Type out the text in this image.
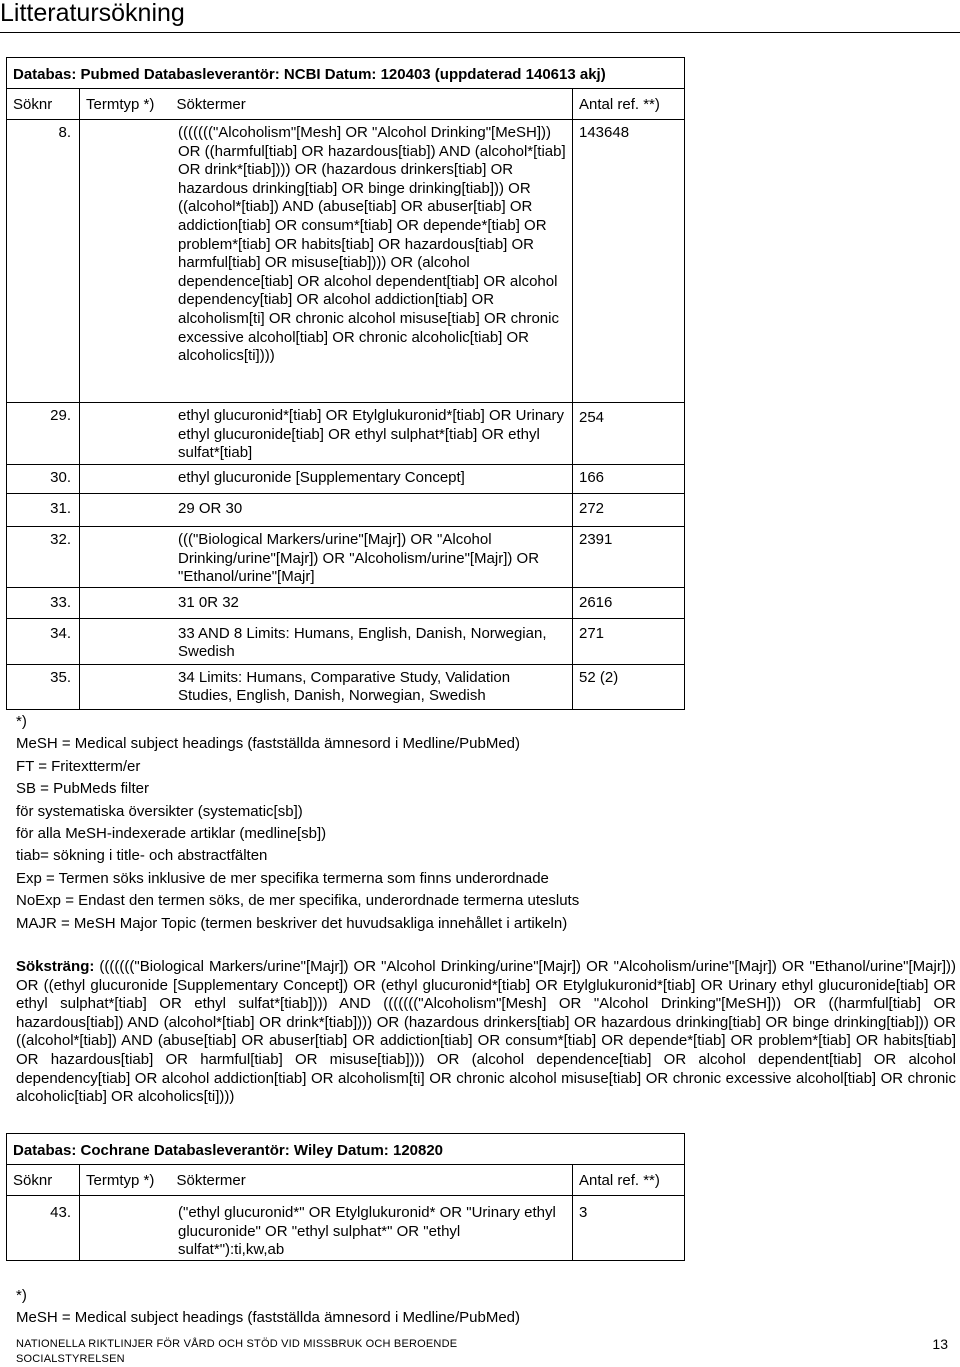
Litteratursökning
Databas: Pubmed Databasleverantör: NCBI Datum: 120403 (uppdaterad 140613 akj)			
Söknr	Termtyp *)	Söktermer	Antal ref. **)
8.	((((((("Alcoholism"[Mesh] OR "Alcohol Drinking"[MeSH])) OR ((harmful[tiab] OR hazardous[tiab]) AND (alcohol*[tiab] OR drink*[tiab]))) OR (hazardous drinkers[tiab] OR hazardous drinking[tiab] OR binge drinking[tiab])) OR ((alcohol*[tiab]) AND (abuse[tiab] OR abuser[tiab] OR addiction[tiab] OR consum*[tiab] OR depende*[tiab] OR problem*[tiab] OR habits[tiab] OR hazardous[tiab] OR harmful[tiab] OR misuse[tiab]))) OR (alcohol dependence[tiab] OR alcohol dependent[tiab] OR alcohol dependency[tiab] OR alcohol addiction[tiab] OR alcoholism[ti] OR chronic alcohol misuse[tiab] OR chronic excessive alcohol[tiab] OR chronic alcoholic[tiab] OR alcoholics[ti])))		143648
29.	ethyl glucuronid*[tiab] OR Etylglukuronid*[tiab] OR Urinary ethyl glucuronide[tiab] OR ethyl sulphat*[tiab] OR ethyl sulfat*[tiab]		254
30.	ethyl glucuronide [Supplementary Concept]		166
31.	29 OR 30		272
32.	((("Biological Markers/urine"[Majr]) OR "Alcohol Drinking/urine"[Majr]) OR "Alcoholism/urine"[Majr]) OR "Ethanol/urine"[Majr]		2391
33.	31 0R 32		2616
34.	33 AND 8 Limits: Humans, English, Danish, Norwegian, Swedish		271
35.	34 Limits: Humans, Comparative Study, Validation Studies, English, Danish, Norwegian, Swedish		52 (2)
*)
MeSH = Medical subject headings (fastställda ämnesord i Medline/PubMed)
FT = Fritextterm/er
SB = PubMeds filter
för systematiska översikter (systematic[sb])
för alla MeSH-indexerade artiklar (medline[sb])
tiab= sökning i title- och abstractfälten
Exp = Termen söks inklusive de mer specifika termerna som finns underordnade
NoExp = Endast den termen söks, de mer specifika, underordnade termerna utesluts
MAJR = MeSH Major Topic (termen beskriver det huvudsakliga innehållet i artikeln)
Söksträng: ((((((("Biological Markers/urine"[Majr]) OR "Alcohol Drinking/urine"[Majr]) OR "Alcoholism/urine"[Majr]) OR "Ethanol/urine"[Majr])) OR ((ethyl glucuronide [Supplementary Concept]) OR (ethyl glucuronid*[tiab] OR Etylglukuronid*[tiab] OR Urinary ethyl glucuronide[tiab] OR ethyl sulphat*[tiab] OR ethyl sulfat*[tiab]))) AND ((((((("Alcoholism"[Mesh] OR "Alcohol Drinking"[MeSH])) OR ((harmful[tiab] OR hazardous[tiab]) AND (alcohol*[tiab] OR drink*[tiab]))) OR (hazardous drinkers[tiab] OR hazardous drinking[tiab] OR binge drinking[tiab])) OR ((alcohol*[tiab]) AND (abuse[tiab] OR abuser[tiab] OR addiction[tiab] OR consum*[tiab] OR depende*[tiab] OR problem*[tiab] OR habits[tiab] OR hazardous[tiab] OR harmful[tiab] OR misuse[tiab]))) OR (alcohol dependence[tiab] OR alcohol dependent[tiab] OR alcohol dependency[tiab] OR alcohol addiction[tiab] OR alcoholism[ti] OR chronic alcohol misuse[tiab] OR chronic excessive alcohol[tiab] OR chronic alcoholic[tiab] OR alcoholics[ti])))
Databas: Cochrane Databasleverantör: Wiley Datum: 120820			
Söknr	Termtyp *)	Söktermer	Antal ref. **)
43.	("ethyl glucuronid*" OR Etylglukuronid* OR "Urinary ethyl glucuronide" OR "ethyl sulphat*" OR "ethyl sulfat*"):ti,kw,ab		3
*)
MeSH = Medical subject headings (fastställda ämnesord i Medline/PubMed)
NATIONELLA RIKTLINJER FÖR VÅRD OCH STÖD VID MISSBRUK OCH BEROENDE
SOCIALSTYRELSEN
13
